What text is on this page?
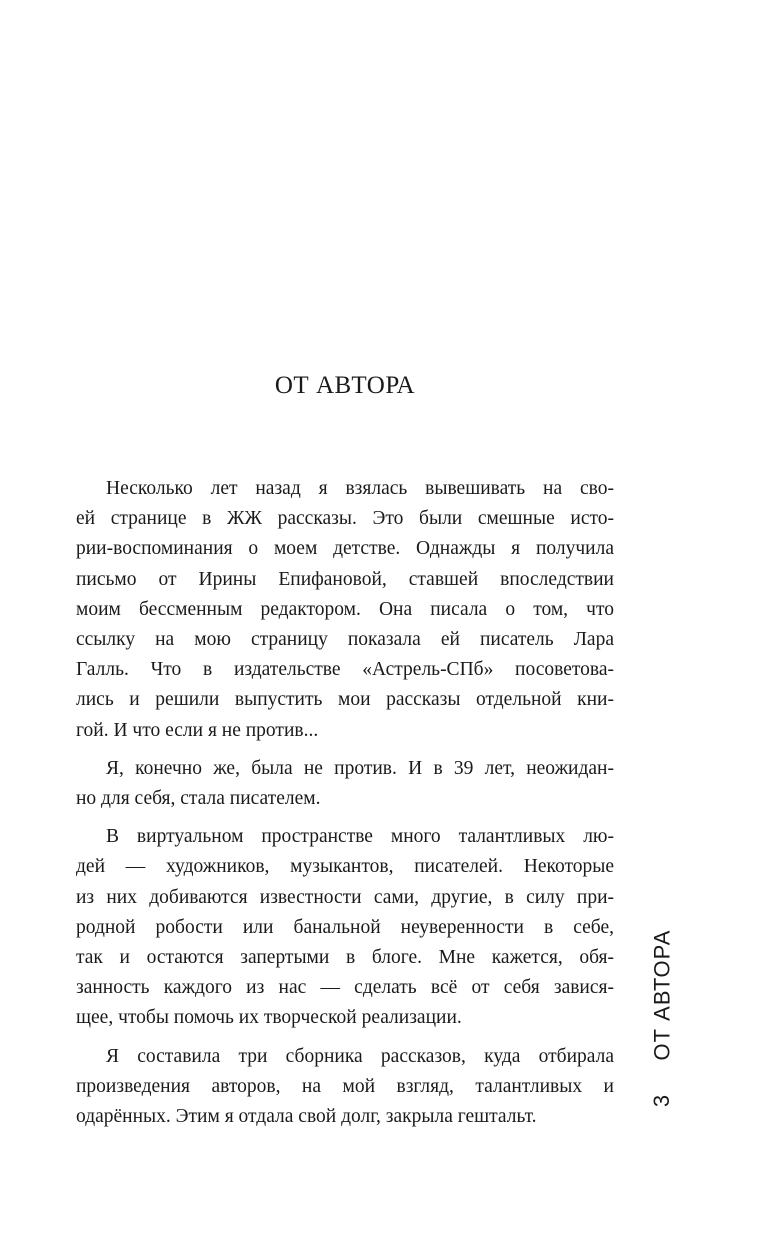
ОТ АВТОРА

Несколько лет назад я взялась вывешивать на сво-
ей странице в ЖЖ рассказы. Это были смешные исто-
рии-воспоминания о моем детстве. Однажды я получила
письмо от Ирины Епифановой, ставшей впоследствии
моим бессменным редактором. Она писала о том, что
ссылку на мою страницу показала ей писатель Лара
Галль. Что в издательстве «Астрель-СПб» посоветова-
лись и решили выпустить мои рассказы отдельной кни-
гой. И что если я не против...

Я, конечно же, была не против. И в 39 лет, неожидан-
но для себя, стала писателем.

В виртуальном пространстве много талантливых лю-
дей — художников, музыкантов, писателей. Некоторые
из них добиваются известности сами, другие, в силу при-
родной робости или банальной неуверенности в себе,
так и остаются запертыми в блоге. Мне кажется, обя-
занность каждого из нас — сделать всё от себя завися-
щее, чтобы помочь их творческой реализации.

Я составила три сборника рассказов, куда отбирала
произведения авторов, на мой взгляд, талантливых и
одарённых. Этим я отдала свой долг, закрыла гештальт.

ОТ АВТОРА
3
